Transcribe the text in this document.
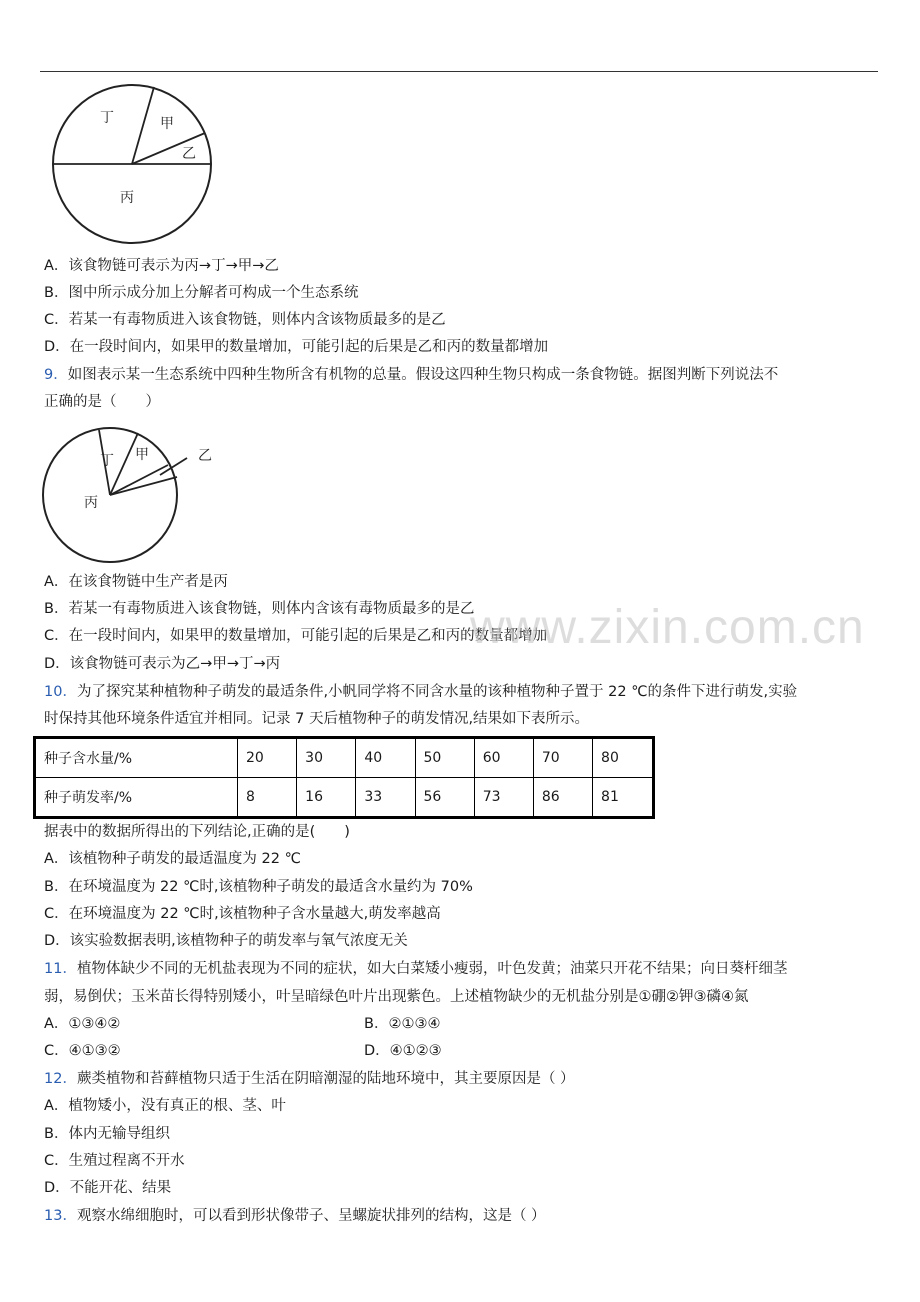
丁	甲
乙
丙
A．该食物链可表示为丙→丁→甲→乙
B．图中所示成分加上分解者可构成一个生态系统
C．若某一有毒物质进入该食物链，则体内含该物质最多的是乙
D．在一段时间内，如果甲的数量增加，可能引起的后果是乙和丙的数量都增加
9．如图表示某一生态系统中四种生物所含有机物的总量。假设这四种生物只构成一条食物链。据图判断下列说法不
正确的是（　　）
丁 甲	乙
丙
A．在该食物链中生产者是丙
B．若某一有毒物质进入该食物链，则体内含该有毒物质最多的是乙
C．在一段时间内，如果甲的数量增加，可能引起的后果是乙和丙的数量都增加
D．该食物链可表示为乙→甲→丁→丙
www.zixin.com.cn
10．为了探究某种植物种子萌发的最适条件,小帆同学将不同含水量的该种植物种子置于 22 ℃的条件下进行萌发,实验
时保持其他环境条件适宜并相同。记录 7 天后植物种子的萌发情况,结果如下表所示。
种子含水量/%	20	30	40	50	60	70	80
种子萌发率/%	8	16	33	56	73	86	81
据表中的数据所得出的下列结论,正确的是(　　)
A．该植物种子萌发的最适温度为 22 ℃
B．在环境温度为 22 ℃时,该植物种子萌发的最适含水量约为 70%
C．在环境温度为 22 ℃时,该植物种子含水量越大,萌发率越高
D．该实验数据表明,该植物种子的萌发率与氧气浓度无关
11．植物体缺少不同的无机盐表现为不同的症状，如大白菜矮小瘦弱，叶色发黄；油菜只开花不结果；向日葵杆细茎
弱，易倒伏；玉米苗长得特别矮小，叶呈暗绿色叶片出现紫色。上述植物缺少的无机盐分别是①硼②钾③磷④氮
A．①③④②	B．②①③④
C．④①③②	D．④①②③
12．蕨类植物和苔藓植物只适于生活在阴暗潮湿的陆地环境中，其主要原因是（ ）
A．植物矮小，没有真正的根、茎、叶
B．体内无输导组织
C．生殖过程离不开水
D．不能开花、结果
13．观察水绵细胞时，可以看到形状像带子、呈螺旋状排列的结构，这是（ ）
